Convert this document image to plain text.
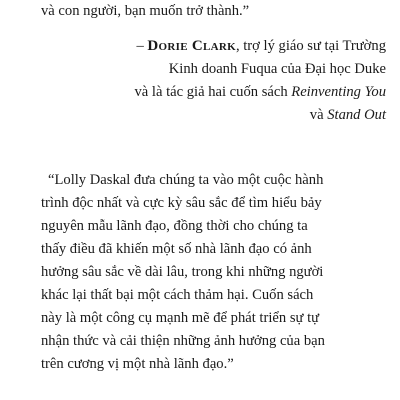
và con người, bạn muốn trở thành.”
– DORIE CLARK, trợ lý giáo sư tại Trường
Kinh doanh Fuqua của Đại học Duke
và là tác giả hai cuốn sách Reinventing You
và Stand Out
“Lolly Daskal đưa chúng ta vào một cuộc hành
trình độc nhất và cực kỳ sâu sắc để tìm hiểu bảy
nguyên mẫu lãnh đạo, đồng thời cho chúng ta
thấy điều đã khiến một số nhà lãnh đạo có ảnh
hưởng sâu sắc về dài lâu, trong khi những người
khác lại thất bại một cách thảm hại. Cuốn sách
này là một công cụ mạnh mẽ để phát triển sự tự
nhận thức và cải thiện những ảnh hưởng của bạn
trên cương vị một nhà lãnh đạo.”
